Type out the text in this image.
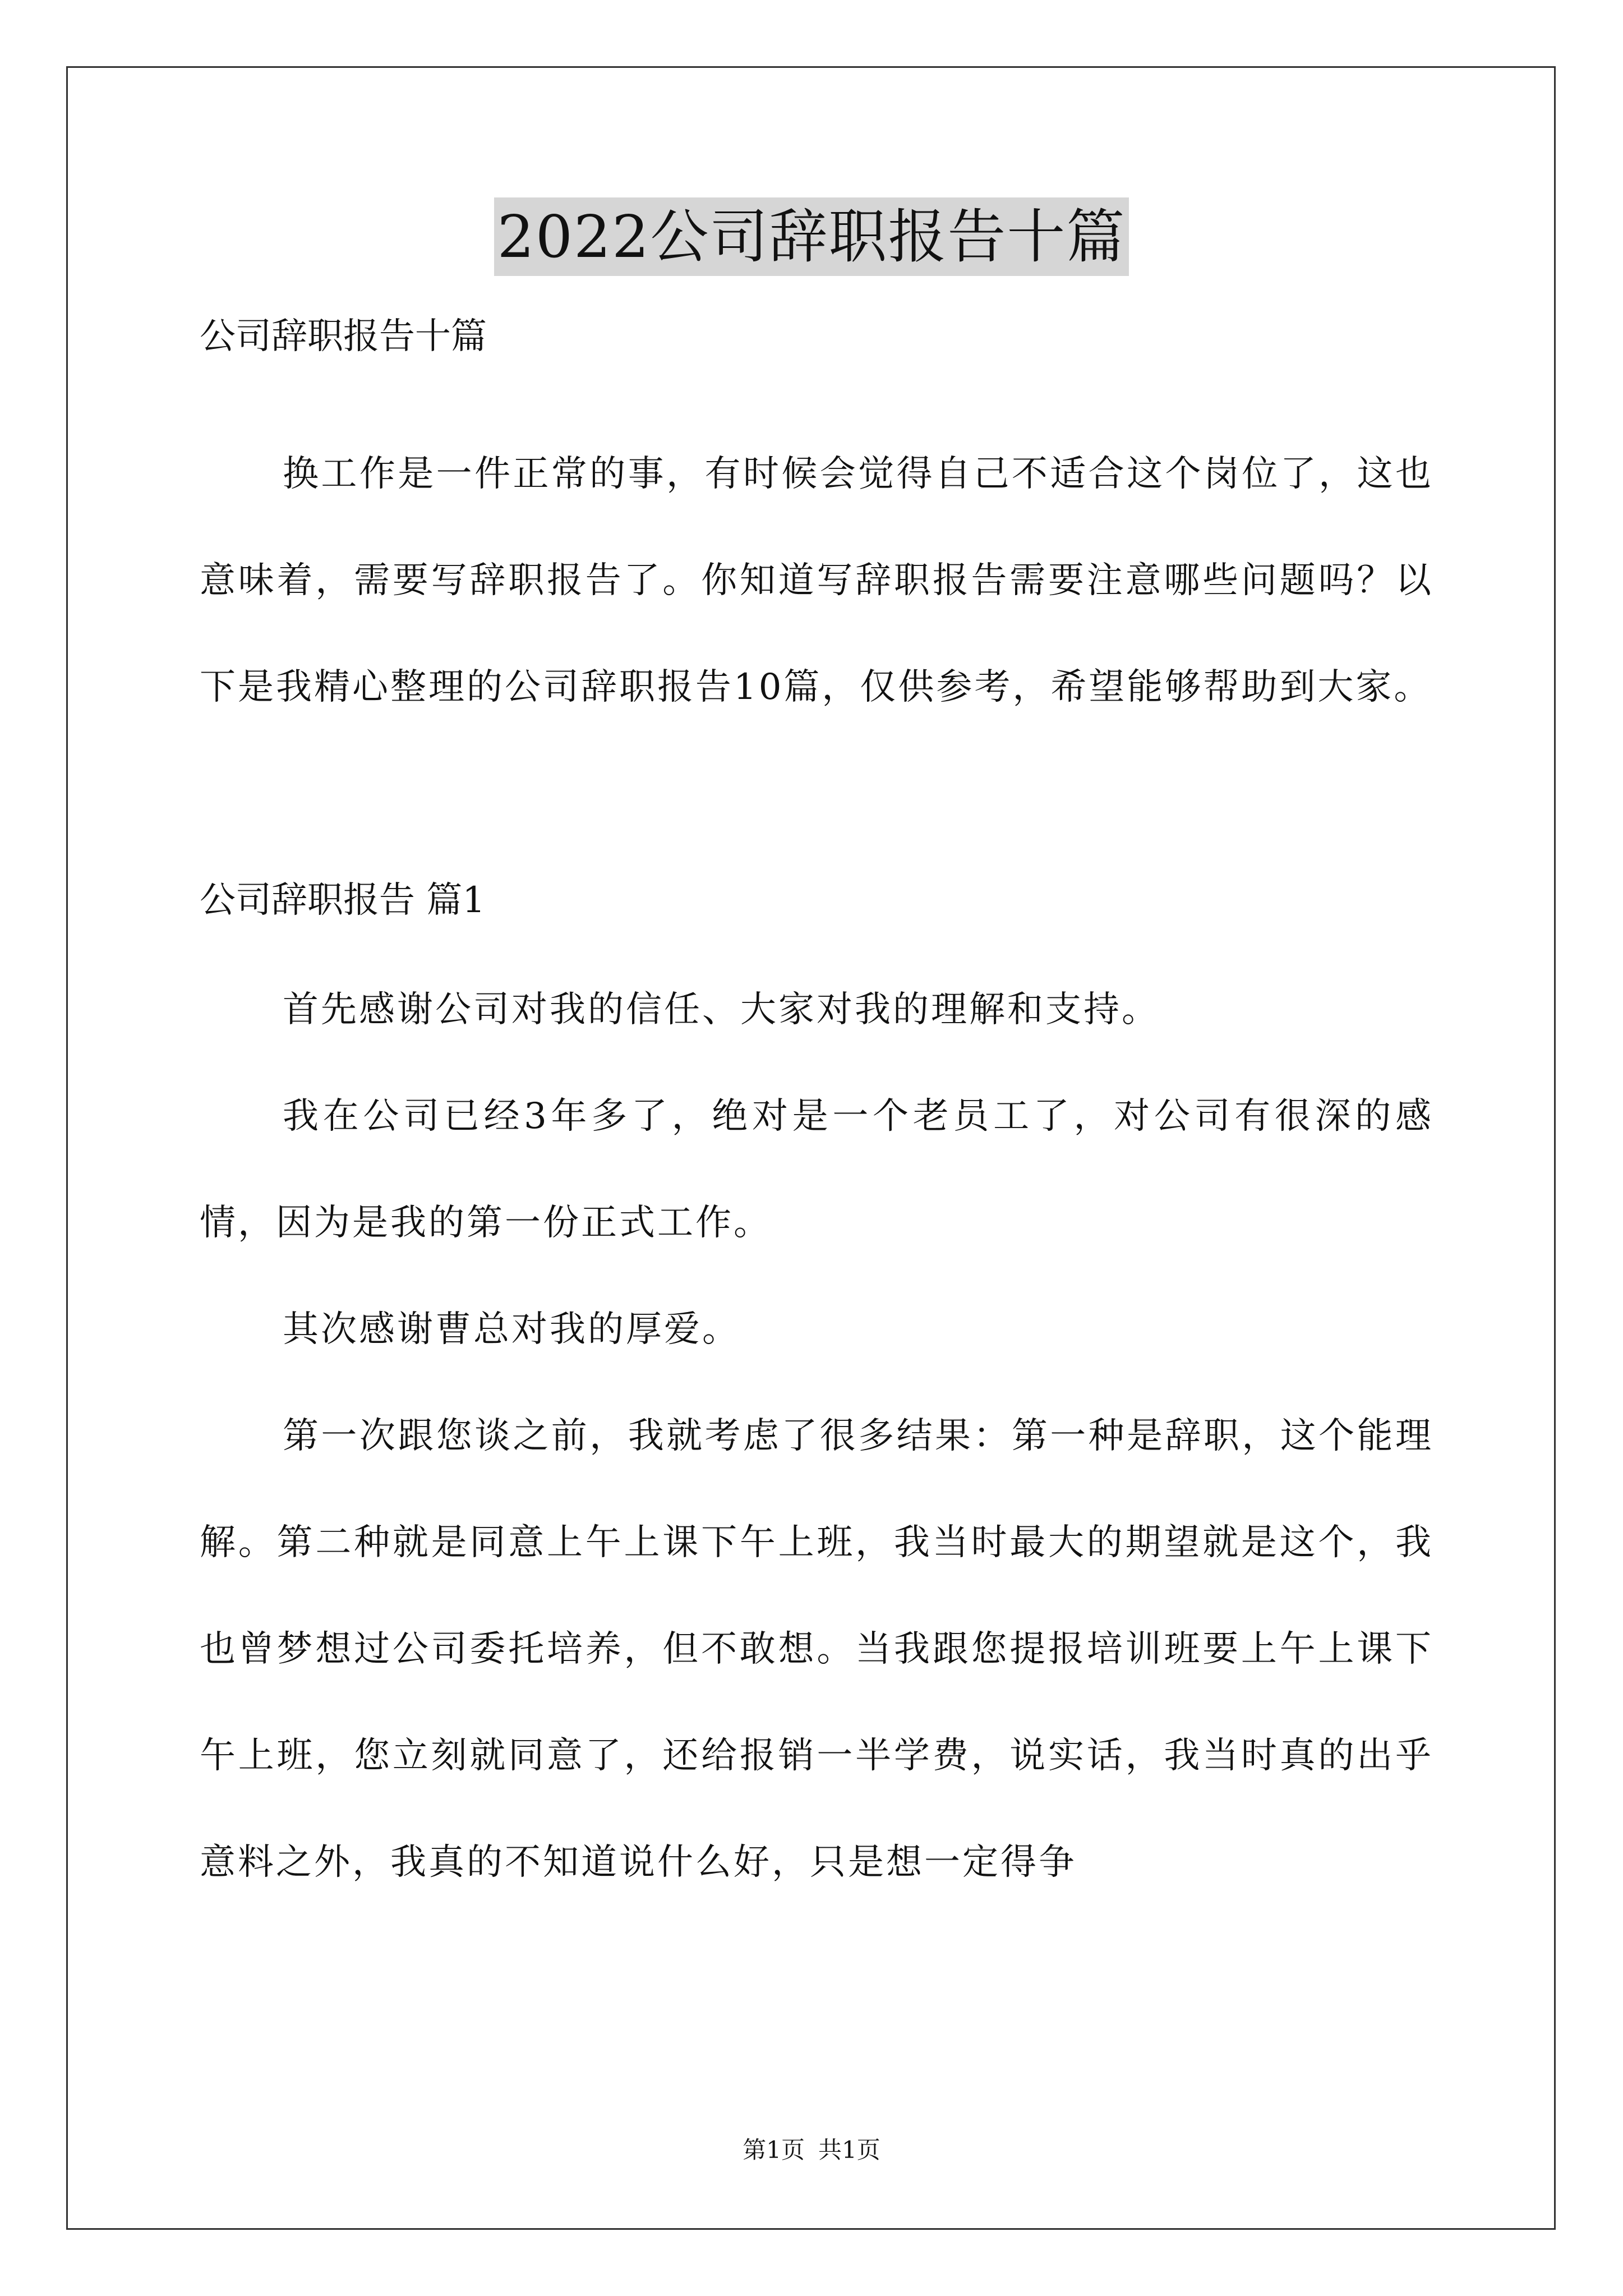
2022公司辞职报告十篇

公司辞职报告十篇

换工作是一件正常的事，有时候会觉得自己不适合这个岗位了，这也意味着，需要写辞职报告了。你知道写辞职报告需要注意哪些问题吗？以下是我精心整理的公司辞职报告10篇，仅供参考，希望能够帮助到大家。

公司辞职报告 篇1

首先感谢公司对我的信任、大家对我的理解和支持。

我在公司已经3年多了，绝对是一个老员工了，对公司有很深的感情，因为是我的第一份正式工作。

其次感谢曹总对我的厚爱。

第一次跟您谈之前，我就考虑了很多结果：第一种是辞职，这个能理解。第二种就是同意上午上课下午上班，我当时最大的期望就是这个，我也曾梦想过公司委托培养，但不敢想。当我跟您提报培训班要上午上课下午上班，您立刻就同意了，还给报销一半学费，说实话，我当时真的出乎意料之外，我真的不知道说什么好，只是想一定得争

第1页 共1页
